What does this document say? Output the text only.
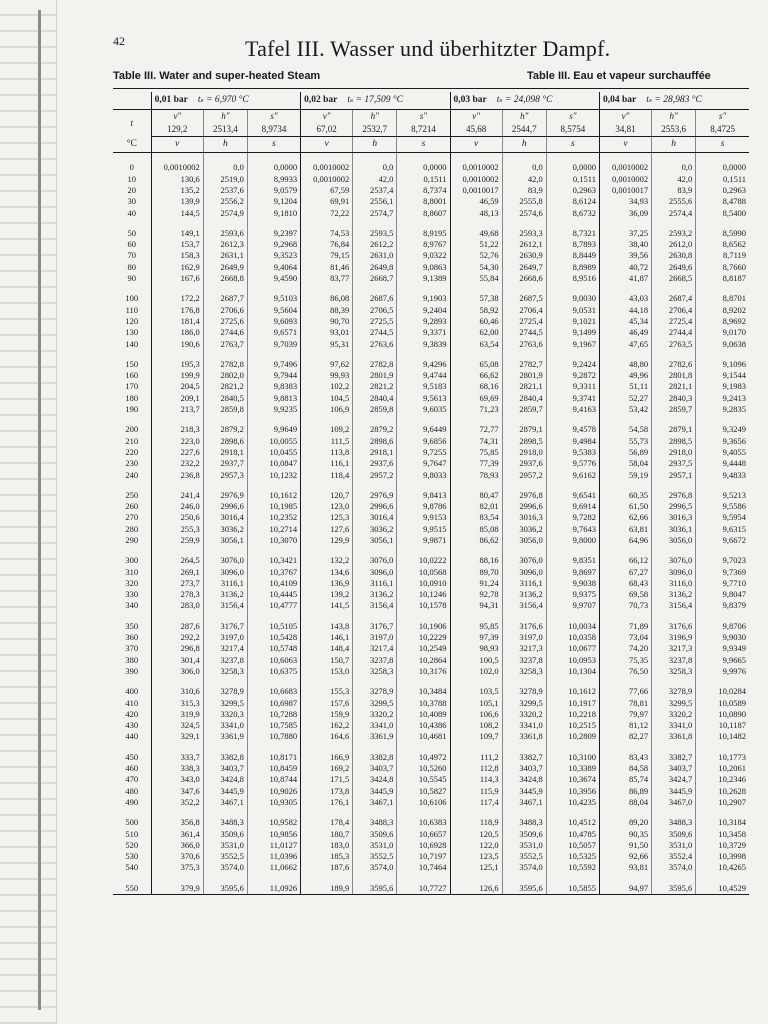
42	Tafel III. Wasser und überhitzter Dampf.
Table III. Water and super-heated Steam	Table III. Eau et vapeur surchauffée
	0,01 bar tₛ = 6,970 °C			0,02 bar tₛ = 17,509 °C			0,03 bar tₛ = 24,098 °C			0,04 bar tₛ = 28,983 °C		
t	v″	h″	s″	v″	h″	s″	v″	h″	s″	v″	h″	s″
	129,2	2513,4	8,9734	67,02	2532,7	8,7214	45,68	2544,7	8,5754	34,81	2553,6	8,4725
°C	v	h	s	v	h	s	v	h	s	v	h	s

0	0,0010002	0,0	0,0000	0,0010002	0,0	0,0000	0,0010002	0,0	0,0000	0,0010002	0,0	0,0000
10	130,6	2519,0	8,9933	0,0010002	42,0	0,1511	0,0010002	42,0	0,1511	0,0010002	42,0	0,1511
20	135,2	2537,6	9,0579	67,59	2537,4	8,7374	0,0010017	83,9	0,2963	0,0010017	83,9	0,2963
30	139,9	2556,2	9,1204	69,91	2556,1	8,8001	46,59	2555,8	8,6124	34,93	2555,6	8,4788
40	144,5	2574,9	9,1810	72,22	2574,7	8,8607	48,13	2574,6	8,6732	36,09	2574,4	8,5400

50	149,1	2593,6	9,2397	74,53	2593,5	8,9195	49,68	2593,3	8,7321	37,25	2593,2	8,5990
60	153,7	2612,3	9,2968	76,84	2612,2	8,9767	51,22	2612,1	8,7893	38,40	2612,0	8,6562
70	158,3	2631,1	9,3523	79,15	2631,0	9,0322	52,76	2630,9	8,8449	39,56	2630,8	8,7119
80	162,9	2649,9	9,4064	81,46	2649,8	9,0863	54,30	2649,7	8,8989	40,72	2649,6	8,7660
90	167,6	2668,8	9,4590	83,77	2668,7	9,1389	55,84	2668,6	8,9516	41,87	2668,5	8,8187

100	172,2	2687,7	9,5103	86,08	2687,6	9,1903	57,38	2687,5	9,0030	43,03	2687,4	8,8701
110	176,8	2706,6	9,5604	88,39	2706,5	9,2404	58,92	2706,4	9,0531	44,18	2706,4	8,9202
120	181,4	2725,6	9,6093	90,70	2725,5	9,2893	60,46	2725,4	9,1021	45,34	2725,4	8,9692
130	186,0	2744,6	9,6571	93,01	2744,5	9,3371	62,00	2744,5	9,1499	46,49	2744,4	9,0170
140	190,6	2763,7	9,7039	95,31	2763,6	9,3839	63,54	2763,6	9,1967	47,65	2763,5	9,0638

150	195,3	2782,8	9,7496	97,62	2782,8	9,4296	65,08	2782,7	9,2424	48,80	2782,6	9,1096
160	199,9	2802,0	9,7944	99,93	2801,9	9,4744	66,62	2801,9	9,2872	49,96	2801,8	9,1544
170	204,5	2821,2	9,8383	102,2	2821,2	9,5183	68,16	2821,1	9,3311	51,11	2821,1	9,1983
180	209,1	2840,5	9,8813	104,5	2840,4	9,5613	69,69	2840,4	9,3741	52,27	2840,3	9,2413
190	213,7	2859,8	9,9235	106,9	2859,8	9,6035	71,23	2859,7	9,4163	53,42	2859,7	9,2835

200	218,3	2879,2	9,9649	109,2	2879,2	9,6449	72,77	2879,1	9,4578	54,58	2879,1	9,3249
210	223,0	2898,6	10,0055	111,5	2898,6	9,6856	74,31	2898,5	9,4984	55,73	2898,5	9,3656
220	227,6	2918,1	10,0455	113,8	2918,1	9,7255	75,85	2918,0	9,5383	56,89	2918,0	9,4055
230	232,2	2937,7	10,0847	116,1	2937,6	9,7647	77,39	2937,6	9,5776	58,04	2937,5	9,4448
240	236,8	2957,3	10,1232	118,4	2957,2	9,8033	78,93	2957,2	9,6162	59,19	2957,1	9,4833

250	241,4	2976,9	10,1612	120,7	2976,9	9,8413	80,47	2976,8	9,6541	60,35	2976,8	9,5213
260	246,0	2996,6	10,1985	123,0	2996,6	9,8786	82,01	2996,6	9,6914	61,50	2996,5	9,5586
270	250,6	3016,4	10,2352	125,3	3016,4	9,9153	83,54	3016,3	9,7282	62,66	3016,3	9,5954
280	255,3	3036,2	10,2714	127,6	3036,2	9,9515	85,08	3036,2	9,7643	63,81	3036,1	9,6315
290	259,9	3056,1	10,3070	129,9	3056,1	9,9871	86,62	3056,0	9,8000	64,96	3056,0	9,6672

300	264,5	3076,0	10,3421	132,2	3076,0	10,0222	88,16	3076,0	9,8351	66,12	3076,0	9,7023
310	269,1	3096,0	10,3767	134,6	3096,0	10,0568	89,70	3096,0	9,8697	67,27	3096,0	9,7369
320	273,7	3116,1	10,4109	136,9	3116,1	10,0910	91,24	3116,1	9,9038	68,43	3116,0	9,7710
330	278,3	3136,2	10,4445	139,2	3136,2	10,1246	92,78	3136,2	9,9375	69,58	3136,2	9,8047
340	283,0	3156,4	10,4777	141,5	3156,4	10,1578	94,31	3156,4	9,9707	70,73	3156,4	9,8379

350	287,6	3176,7	10,5105	143,8	3176,7	10,1906	95,85	3176,6	10,0034	71,89	3176,6	9,8706
360	292,2	3197,0	10,5428	146,1	3197,0	10,2229	97,39	3197,0	10,0358	73,04	3196,9	9,9030
370	296,8	3217,4	10,5748	148,4	3217,4	10,2549	98,93	3217,3	10,0677	74,20	3217,3	9,9349
380	301,4	3237,8	10,6063	150,7	3237,8	10,2864	100,5	3237,8	10,0953	75,35	3237,8	9,9665
390	306,0	3258,3	10,6375	153,0	3258,3	10,3176	102,0	3258,3	10,1304	76,50	3258,3	9,9976

400	310,6	3278,9	10,6683	155,3	3278,9	10,3484	103,5	3278,9	10,1612	77,66	3278,9	10,0284
410	315,3	3299,5	10,6987	157,6	3299,5	10,3788	105,1	3299,5	10,1917	78,81	3299,5	10,0589
420	319,9	3320,3	10,7288	159,9	3320,2	10,4089	106,6	3320,2	10,2218	79,97	3320,2	10,0890
430	324,5	3341,0	10,7585	162,2	3341,0	10,4386	108,2	3341,0	10,2515	81,12	3341,0	10,1187
440	329,1	3361,9	10,7880	164,6	3361,9	10,4681	109,7	3361,8	10,2809	82,27	3361,8	10,1482

450	333,7	3382,8	10,8171	166,9	3382,8	10,4972	111,2	3382,7	10,3100	83,43	3382,7	10,1773
460	338,3	3403,7	10,8459	169,2	3403,7	10,5260	112,8	3403,7	10,3389	84,58	3403,7	10,2061
470	343,0	3424,8	10,8744	171,5	3424,8	10,5545	114,3	3424,8	10,3674	85,74	3424,7	10,2346
480	347,6	3445,9	10,9026	173,8	3445,9	10,5827	115,9	3445,9	10,3956	86,89	3445,9	10,2628
490	352,2	3467,1	10,9305	176,1	3467,1	10,6106	117,4	3467,1	10,4235	88,04	3467,0	10,2907

500	356,8	3488,3	10,9582	178,4	3488,3	10,6383	118,9	3488,3	10,4512	89,20	3488,3	10,3184
510	361,4	3509,6	10,9856	180,7	3509,6	10,6657	120,5	3509,6	10,4785	90,35	3509,6	10,3458
520	366,0	3531,0	11,0127	183,0	3531,0	10,6928	122,0	3531,0	10,5057	91,50	3531,0	10,3729
530	370,6	3552,5	11,0396	185,3	3552,5	10,7197	123,5	3552,5	10,5325	92,66	3552,4	10,3998
540	375,3	3574,0	11,0662	187,6	3574,0	10,7464	125,1	3574,0	10,5592	93,81	3574,0	10,4265

550	379,9	3595,6	11,0926	189,9	3595,6	10,7727	126,6	3595,6	10,5855	94,97	3595,6	10,4529
